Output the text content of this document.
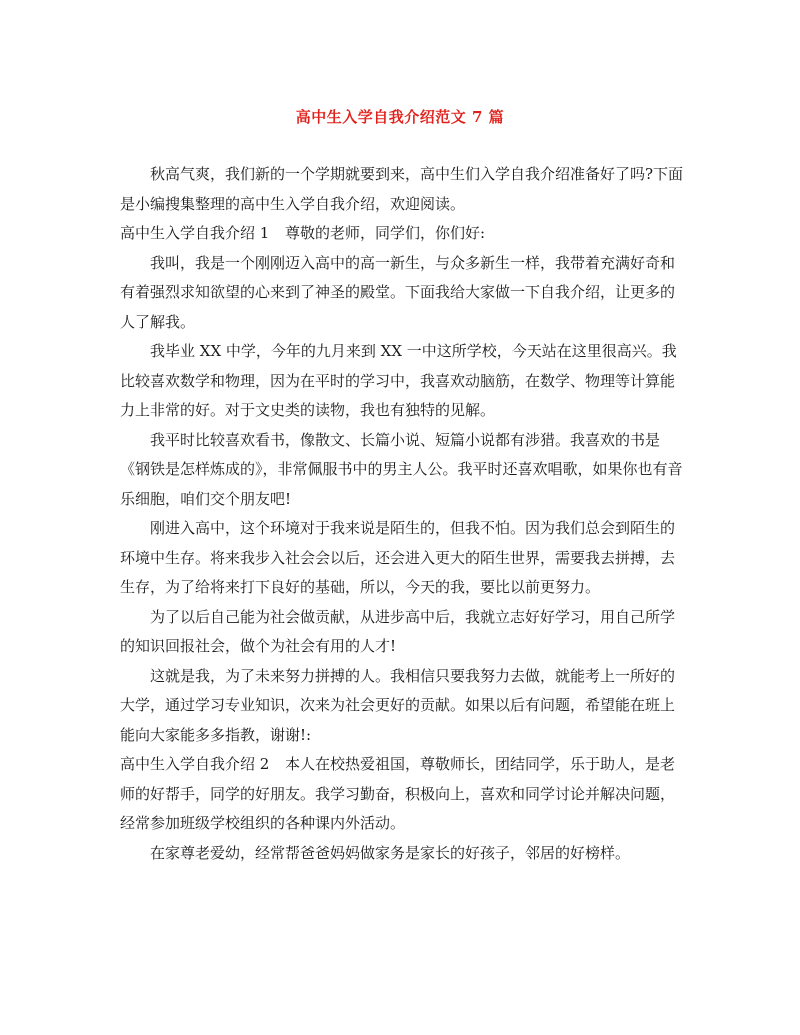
高中生入学自我介绍范文 7 篇

秋高气爽，我们新的一个学期就要到来，高中生们入学自我介绍准备好了吗?下面是小编搜集整理的高中生入学自我介绍，欢迎阅读。

高中生入学自我介绍 1 尊敬的老师，同学们，你们好:

我叫，我是一个刚刚迈入高中的高一新生，与众多新生一样，我带着充满好奇和有着强烈求知欲望的心来到了神圣的殿堂。下面我给大家做一下自我介绍，让更多的人了解我。

我毕业 XX 中学，今年的九月来到 XX 一中这所学校，今天站在这里很高兴。我比较喜欢数学和物理，因为在平时的学习中，我喜欢动脑筋，在数学、物理等计算能力上非常的好。对于文史类的读物，我也有独特的见解。

我平时比较喜欢看书，像散文、长篇小说、短篇小说都有涉猎。我喜欢的书是《钢铁是怎样炼成的》，非常佩服书中的男主人公。我平时还喜欢唱歌，如果你也有音乐细胞，咱们交个朋友吧!

刚进入高中，这个环境对于我来说是陌生的，但我不怕。因为我们总会到陌生的环境中生存。将来我步入社会会以后，还会进入更大的陌生世界，需要我去拼搏，去生存，为了给将来打下良好的基础，所以，今天的我，要比以前更努力。

为了以后自己能为社会做贡献，从进步高中后，我就立志好好学习，用自己所学的知识回报社会，做个为社会有用的人才!

这就是我，为了未来努力拼搏的人。我相信只要我努力去做，就能考上一所好的大学，通过学习专业知识，次来为社会更好的贡献。如果以后有问题，希望能在班上能向大家能多多指教，谢谢!:

高中生入学自我介绍 2 本人在校热爱祖国，尊敬师长，团结同学，乐于助人，是老师的好帮手，同学的好朋友。我学习勤奋，积极向上，喜欢和同学讨论并解决问题，经常参加班级学校组织的各种课内外活动。

在家尊老爱幼，经常帮爸爸妈妈做家务是家长的好孩子，邻居的好榜样。
